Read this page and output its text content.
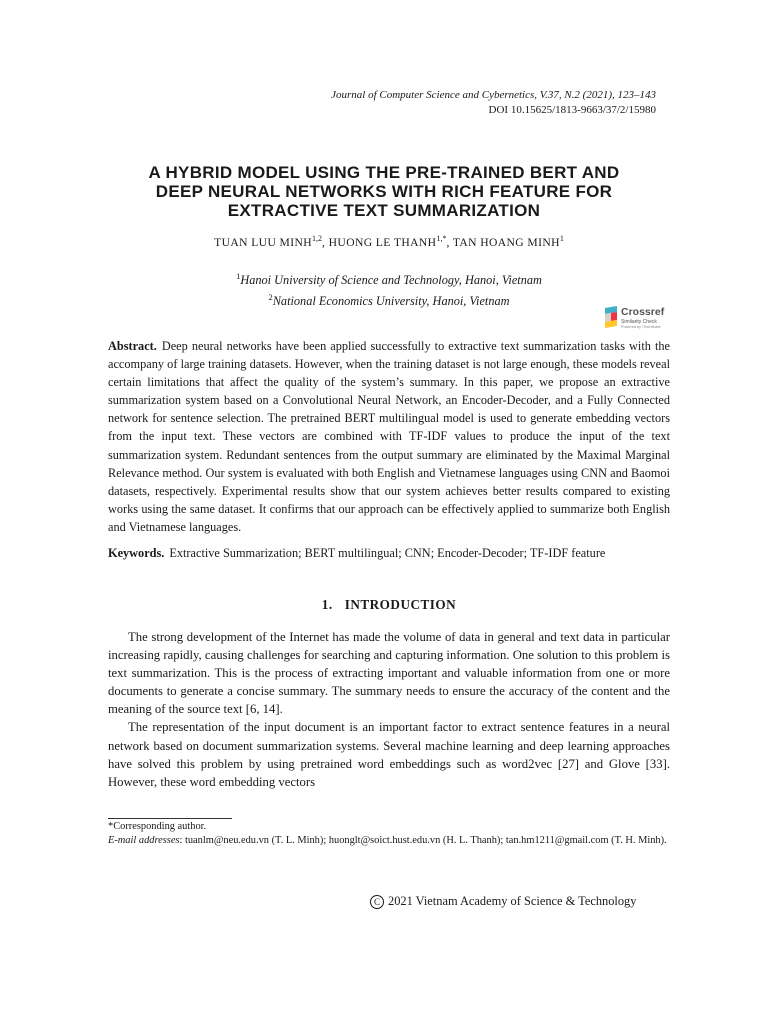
Journal of Computer Science and Cybernetics, V.37, N.2 (2021), 123–143
DOI 10.15625/1813-9663/37/2/15980
A HYBRID MODEL USING THE PRE-TRAINED BERT AND
DEEP NEURAL NETWORKS WITH RICH FEATURE FOR
EXTRACTIVE TEXT SUMMARIZATION
TUAN LUU MINH$^{1,2}$, HUONG LE $THANH^{1,*}$, TAN HOANG MINH$^1$
$^1$Hanoi University of Science and Technology, Hanoi, Vietnam
$^2$National Economics University, Hanoi, Vietnam
Crossref
Similarity Check
Powered by iThenticate
Abstract. Deep neural networks have been applied successfully to extractive text summarization tasks with the accompany of large training datasets. However, when the training dataset is not large enough, these models reveal certain limitations that affect the quality of the system’s summary. In this paper, we propose an extractive summarization system based on a Convolutional Neural Network, an Encoder-Decoder, and a Fully Connected network for sentence selection. The pretrained BERT multilingual model is used to generate embedding vectors from the input text. These vectors are combined with TF-IDF values to produce the input of the text summarization system. Redundant sentences from the output summary are eliminated by the Maximal Marginal Relevance method. Our system is evaluated with both English and Vietnamese languages using CNN and Baomoi datasets, respectively. Experimental results show that our system achieves better results compared to existing works using the same dataset. It confirms that our approach can be effectively applied to summarize both English and Vietnamese languages.
Keywords. Extractive Summarization; BERT multilingual; CNN; Encoder-Decoder; TF-IDF feature
1. INTRODUCTION

The strong development of the Internet has made the volume of data in general and text data in particular increasing rapidly, causing challenges for searching and capturing information. One solution to this problem is text summarization. This is the process of extracting important and valuable information from one or more documents to generate a concise summary. The summary needs to ensure the accuracy of the content and the meaning of the source text [6, 14].

The representation of the input document is an important factor to extract sentence features in a neural network based on document summarization systems. Several machine learning and deep learning approaches have solved this problem by using pretrained word embeddings such as word2vec [27] and Glove [33]. However, these word embedding vectors

*Corresponding author.
E-mail addresses: tuanlm@neu.edu.vn (T. L. Minh); huonglt@soict.hust.edu.vn (H. L. Thanh); tan.hm1211@gmail.com (T. H. Minh).
C 2021 Vietnam Academy of Science & Technology
